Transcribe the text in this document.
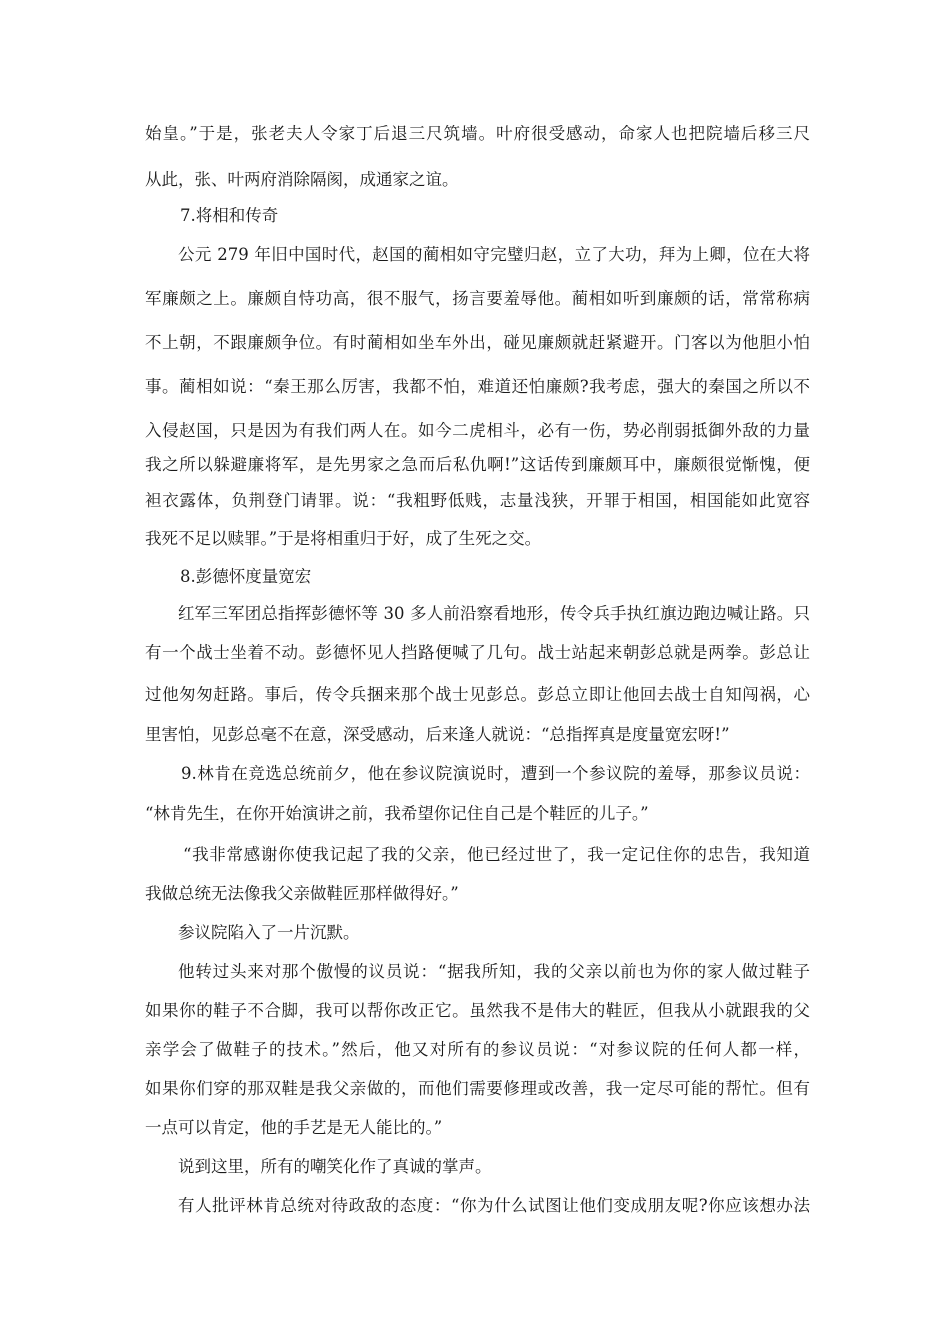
始皇。”于是，张老夫人令家丁后退三尺筑墙。叶府很受感动，命家人也把院墙后移三尺
从此，张、叶两府消除隔阂，成通家之谊。
7.将相和传奇
公元 279 年旧中国时代，赵国的蔺相如守完璧归赵，立了大功，拜为上卿，位在大将
军廉颇之上。廉颇自恃功高，很不服气，扬言要羞辱他。蔺相如听到廉颇的话，常常称病
不上朝，不跟廉颇争位。有时蔺相如坐车外出，碰见廉颇就赶紧避开。门客以为他胆小怕
事。蔺相如说：“秦王那么厉害，我都不怕，难道还怕廉颇?我考虑，强大的秦国之所以不
入侵赵国，只是因为有我们两人在。如今二虎相斗，必有一伤，势必削弱抵御外敌的力量
我之所以躲避廉将军，是先男家之急而后私仇啊!”这话传到廉颇耳中，廉颇很觉惭愧，便
袒衣露体，负荆登门请罪。说：“我粗野低贱，志量浅狭，开罪于相国，相国能如此宽容
我死不足以赎罪。”于是将相重归于好，成了生死之交。
8.彭德怀度量宽宏
红军三军团总指挥彭德怀等 30 多人前沿察看地形，传令兵手执红旗边跑边喊让路。只
有一个战士坐着不动。彭德怀见人挡路便喊了几句。战士站起来朝彭总就是两拳。彭总让
过他匆匆赶路。事后，传令兵捆来那个战士见彭总。彭总立即让他回去战士自知闯祸，心
里害怕，见彭总毫不在意，深受感动，后来逢人就说：“总指挥真是度量宽宏呀!”
9.林肯在竞选总统前夕，他在参议院演说时，遭到一个参议院的羞辱，那参议员说：
“林肯先生，在你开始演讲之前，我希望你记住自己是个鞋匠的儿子。”
“我非常感谢你使我记起了我的父亲，他已经过世了，我一定记住你的忠告，我知道
我做总统无法像我父亲做鞋匠那样做得好。”
参议院陷入了一片沉默。
他转过头来对那个傲慢的议员说：“据我所知，我的父亲以前也为你的家人做过鞋子
如果你的鞋子不合脚，我可以帮你改正它。虽然我不是伟大的鞋匠，但我从小就跟我的父
亲学会了做鞋子的技术。”然后，他又对所有的参议员说：“对参议院的任何人都一样，
如果你们穿的那双鞋是我父亲做的，而他们需要修理或改善，我一定尽可能的帮忙。但有
一点可以肯定，他的手艺是无人能比的。”
说到这里，所有的嘲笑化作了真诚的掌声。
有人批评林肯总统对待政敌的态度：“你为什么试图让他们变成朋友呢?你应该想办法
